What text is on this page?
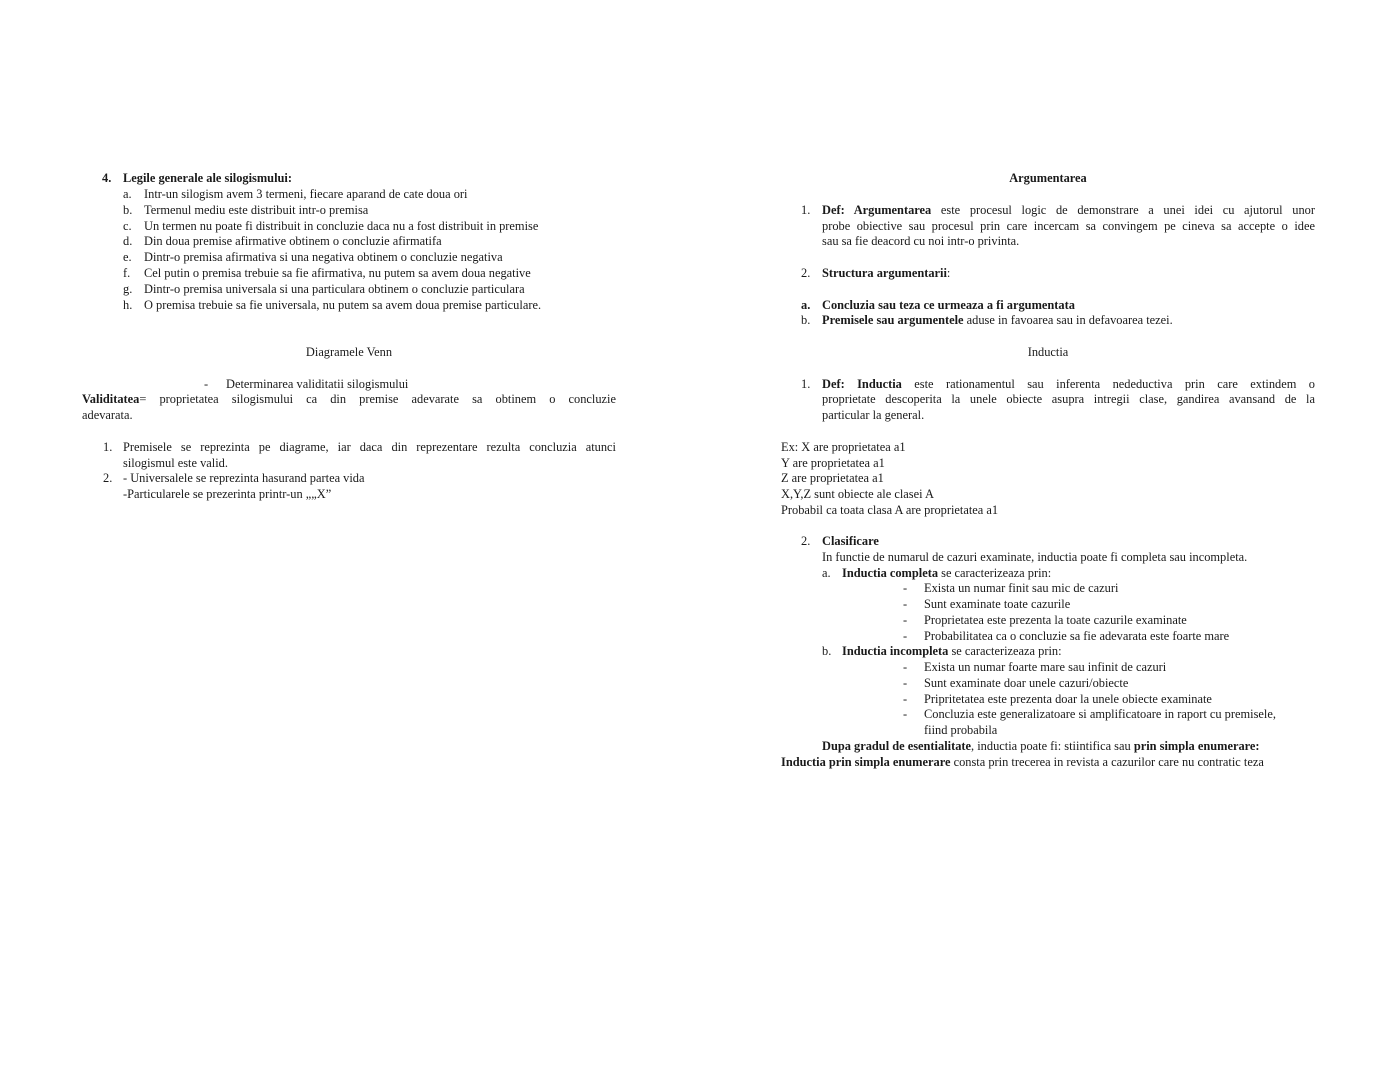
4. Legile generale ale silogismului:
a. Intr-un silogism avem 3 termeni, fiecare aparand de cate doua ori
b. Termenul mediu este distribuit intr-o premisa
c. Un termen nu poate fi distribuit in concluzie daca nu a fost distribuit in premise
d. Din doua premise afirmative obtinem o concluzie afirmatifa
e. Dintr-o premisa afirmativa si una negativa obtinem o concluzie negativa
f. Cel putin o premisa trebuie sa fie afirmativa, nu putem sa avem doua negative
g. Dintr-o premisa universala si una particulara obtinem o concluzie particulara
h. O premisa trebuie sa fie universala, nu putem sa avem doua premise particulare.
Diagramele Venn
- Determinarea validitatii silogismului
Validitatea= proprietatea silogismului ca din premise adevarate sa obtinem o concluzie
adevarata.
1. Premisele se reprezinta pe diagrame, iar daca din reprezentare rezulta concluzia atunci
silogismul este valid.
2. - Universalele se reprezinta hasurand partea vida
-Particularele se prezerinta printr-un „„X”
Argumentarea
1. Def: Argumentarea este procesul logic de demonstrare a unei idei cu ajutorul unor
probe obiective sau procesul prin care incercam sa convingem pe cineva sa accepte o idee
sau sa fie deacord cu noi intr-o privinta.
2. Structura argumentarii:
a. Concluzia sau teza ce urmeaza a fi argumentata
b. Premisele sau argumentele aduse in favoarea sau in defavoarea tezei.
Inductia
1. Def: Inductia este rationamentul sau inferenta nedeductiva prin care extindem o
proprietate descoperita la unele obiecte asupra intregii clase, gandirea avansand de la
particular la general.
Ex: X are proprietatea a1
Y are proprietatea a1
Z are proprietatea a1
X,Y,Z sunt obiecte ale clasei A
Probabil ca toata clasa A are proprietatea a1
2. Clasificare
In functie de numarul de cazuri examinate, inductia poate fi completa sau incompleta.
a. Inductia completa se caracterizeaza prin:
- Exista un numar finit sau mic de cazuri
- Sunt examinate toate cazurile
- Proprietatea este prezenta la toate cazurile examinate
- Probabilitatea ca o concluzie sa fie adevarata este foarte mare
b. Inductia incompleta se caracterizeaza prin:
- Exista un numar foarte mare sau infinit de cazuri
- Sunt examinate doar unele cazuri/obiecte
- Pripritetatea este prezenta doar la unele obiecte examinate
- Concluzia este generalizatoare si amplificatoare in raport cu premisele,
fiind probabila
Dupa gradul de esentialitate, inductia poate fi: stiintifica sau prin simpla enumerare:
Inductia prin simpla enumerare consta prin trecerea in revista a cazurilor care nu contratic teza
